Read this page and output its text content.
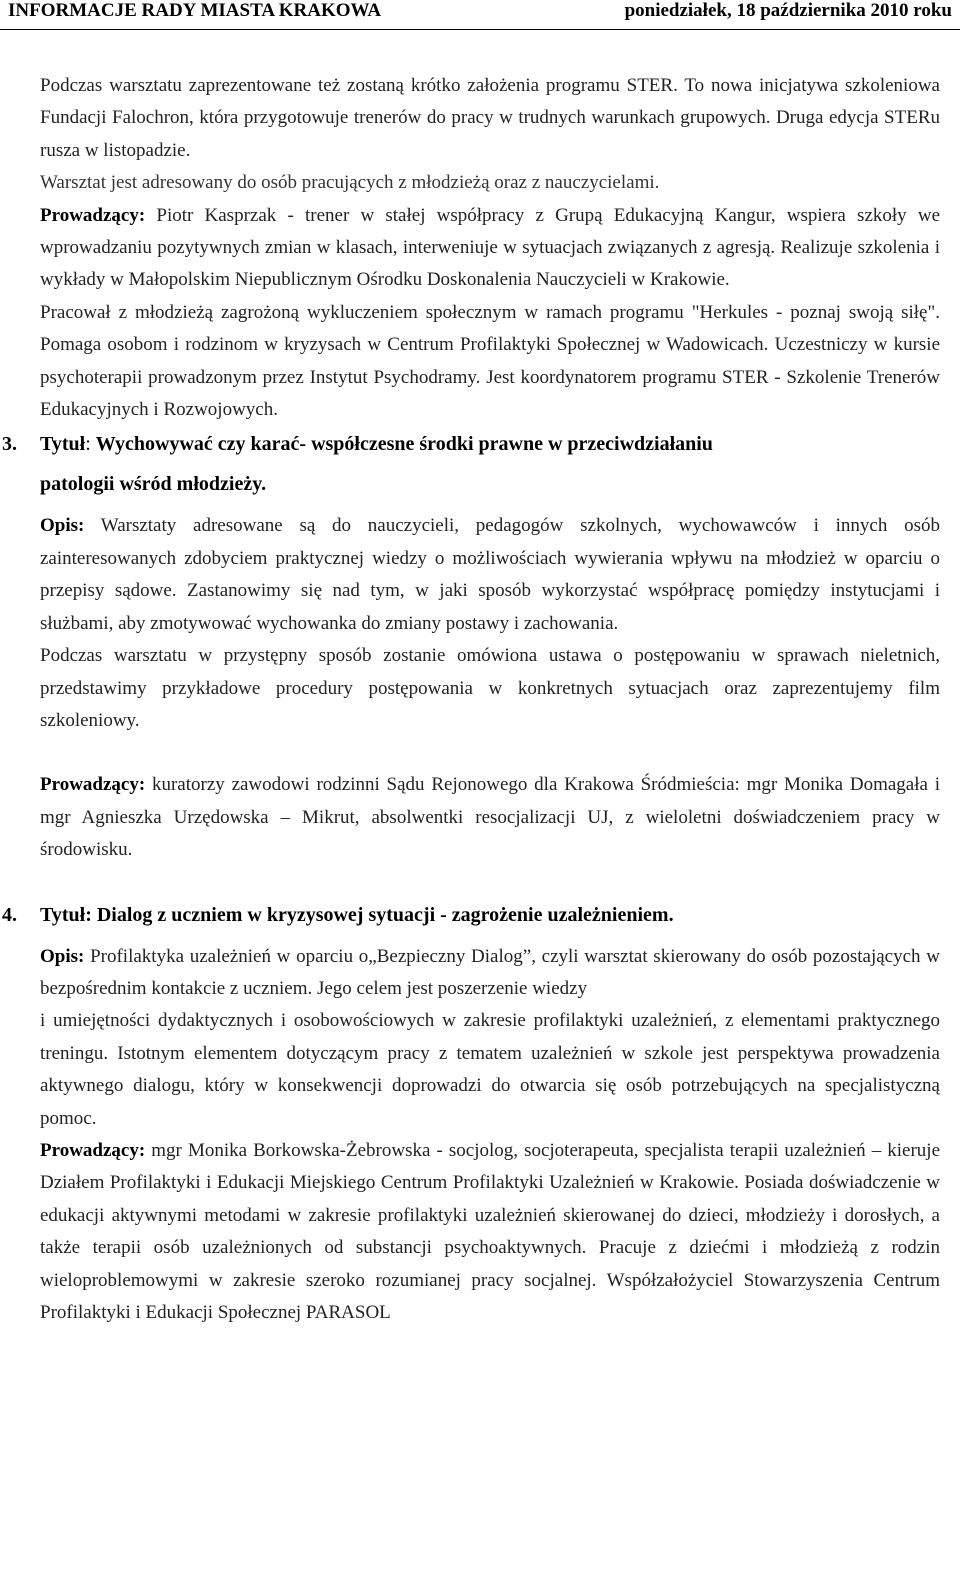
INFORMACJE RADY MIASTA KRAKOWA	poniedziałek, 18 października 2010 roku

Podczas warsztatu zaprezentowane też zostaną krótko założenia programu STER. To nowa inicjatywa szkoleniowa Fundacji Falochron, która przygotowuje trenerów do pracy w trudnych warunkach grupowych. Druga edycja STERu rusza w listopadzie.

Warsztat jest adresowany do osób pracujących z młodzieżą oraz z nauczycielami.

Prowadzący: Piotr Kasprzak - trener w stałej współpracy z Grupą Edukacyjną Kangur, wspiera szkoły we wprowadzaniu pozytywnych zmian w klasach, interweniuje w sytuacjach związanych z agresją. Realizuje szkolenia i wykłady w Małopolskim Niepublicznym Ośrodku Doskonalenia Nauczycieli w Krakowie.

Pracował z młodzieżą zagrożoną wykluczeniem społecznym w ramach programu "Herkules - poznaj swoją siłę". Pomaga osobom i rodzinom w kryzysach w Centrum Profilaktyki Społecznej w Wadowicach. Uczestniczy w kursie psychoterapii prowadzonym przez Instytut Psychodramy. Jest koordynatorem programu STER - Szkolenie Trenerów Edukacyjnych i Rozwojowych.

3. Tytuł: Wychowywać czy karać- współczesne środki prawne w przeciwdziałaniu
patologii wśród młodzieży.

Opis: Warsztaty adresowane są do nauczycieli, pedagogów szkolnych, wychowawców i innych osób zainteresowanych zdobyciem praktycznej wiedzy o możliwościach wywierania wpływu na młodzież w oparciu o przepisy sądowe. Zastanowimy się nad tym, w jaki sposób wykorzystać współpracę pomiędzy instytucjami i służbami, aby zmotywować wychowanka do zmiany postawy i zachowania.

Podczas warsztatu w przystępny sposób zostanie omówiona ustawa o postępowaniu w sprawach nieletnich, przedstawimy przykładowe procedury postępowania w konkretnych sytuacjach oraz zaprezentujemy film szkoleniowy.

Prowadzący: kuratorzy zawodowi rodzinni Sądu Rejonowego dla Krakowa Śródmieścia: mgr Monika Domagała i mgr Agnieszka Urzędowska – Mikrut, absolwentki resocjalizacji UJ, z wieloletni doświadczeniem pracy w środowisku.

4. Tytuł: Dialog z uczniem w kryzysowej sytuacji - zagrożenie uzależnieniem.

Opis: Profilaktyka uzależnień w oparciu o„Bezpieczny Dialog”, czyli warsztat skierowany do osób pozostających w bezpośrednim kontakcie z uczniem. Jego celem jest poszerzenie wiedzy

i umiejętności dydaktycznych i osobowościowych w zakresie profilaktyki uzależnień, z elementami praktycznego treningu. Istotnym elementem dotyczącym pracy z tematem uzależnień w szkole jest perspektywa prowadzenia aktywnego dialogu, który w konsekwencji doprowadzi do otwarcia się osób potrzebujących na specjalistyczną pomoc.

Prowadzący: mgr Monika Borkowska-Żebrowska - socjolog, socjoterapeuta, specjalista terapii uzależnień – kieruje Działem Profilaktyki i Edukacji Miejskiego Centrum Profilaktyki Uzależnień w Krakowie. Posiada doświadczenie w edukacji aktywnymi metodami w zakresie profilaktyki uzależnień skierowanej do dzieci, młodzieży i dorosłych, a także terapii osób uzależnionych od substancji psychoaktywnych. Pracuje z dziećmi i młodzieżą z rodzin wieloproblemowymi w zakresie szeroko rozumianej pracy socjalnej. Współzałożyciel Stowarzyszenia Centrum Profilaktyki i Edukacji Społecznej PARASOL
